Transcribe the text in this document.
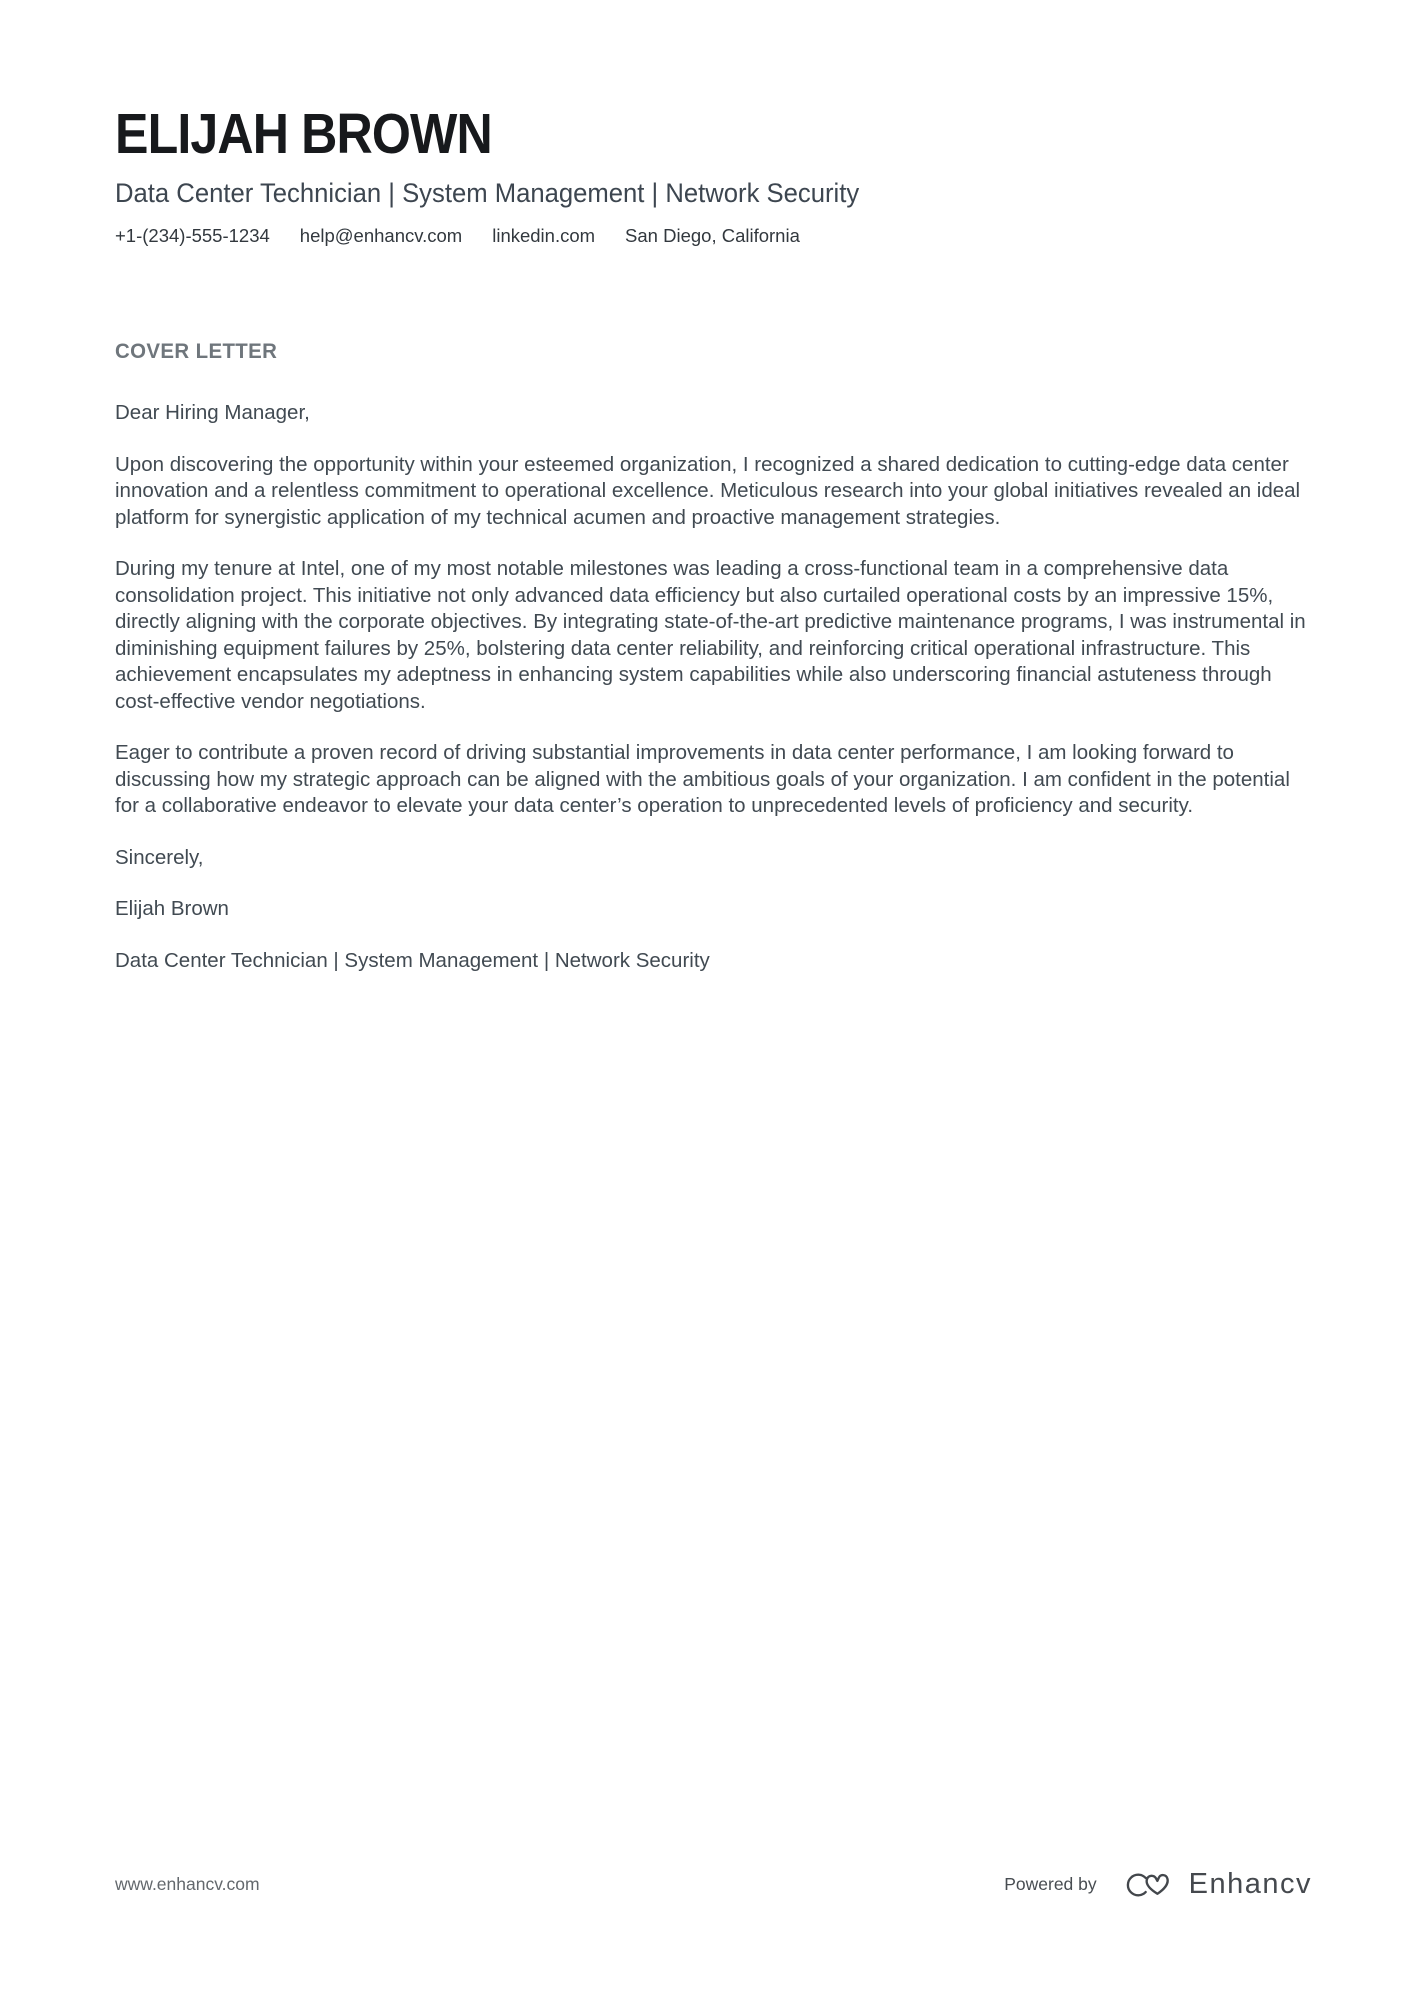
ELIJAH BROWN
Data Center Technician | System Management | Network Security
+1-(234)-555-1234 help@enhancv.com linkedin.com San Diego, California
COVER LETTER

Dear Hiring Manager,

Upon discovering the opportunity within your esteemed organization, I recognized a shared dedication to cutting-edge data center innovation and a relentless commitment to operational excellence. Meticulous research into your global initiatives revealed an ideal platform for synergistic application of my technical acumen and proactive management strategies.

During my tenure at Intel, one of my most notable milestones was leading a cross-functional team in a comprehensive data consolidation project. This initiative not only advanced data efficiency but also curtailed operational costs by an impressive 15%, directly aligning with the corporate objectives. By integrating state-of-the-art predictive maintenance programs, I was instrumental in diminishing equipment failures by 25%, bolstering data center reliability, and reinforcing critical operational infrastructure. This achievement encapsulates my adeptness in enhancing system capabilities while also underscoring financial astuteness through cost-effective vendor negotiations.

Eager to contribute a proven record of driving substantial improvements in data center performance, I am looking forward to discussing how my strategic approach can be aligned with the ambitious goals of your organization. I am confident in the potential for a collaborative endeavor to elevate your data center’s operation to unprecedented levels of proficiency and security.

Sincerely,

Elijah Brown

Data Center Technician | System Management | Network Security

www.enhancv.com	Powered by	Enhancv
